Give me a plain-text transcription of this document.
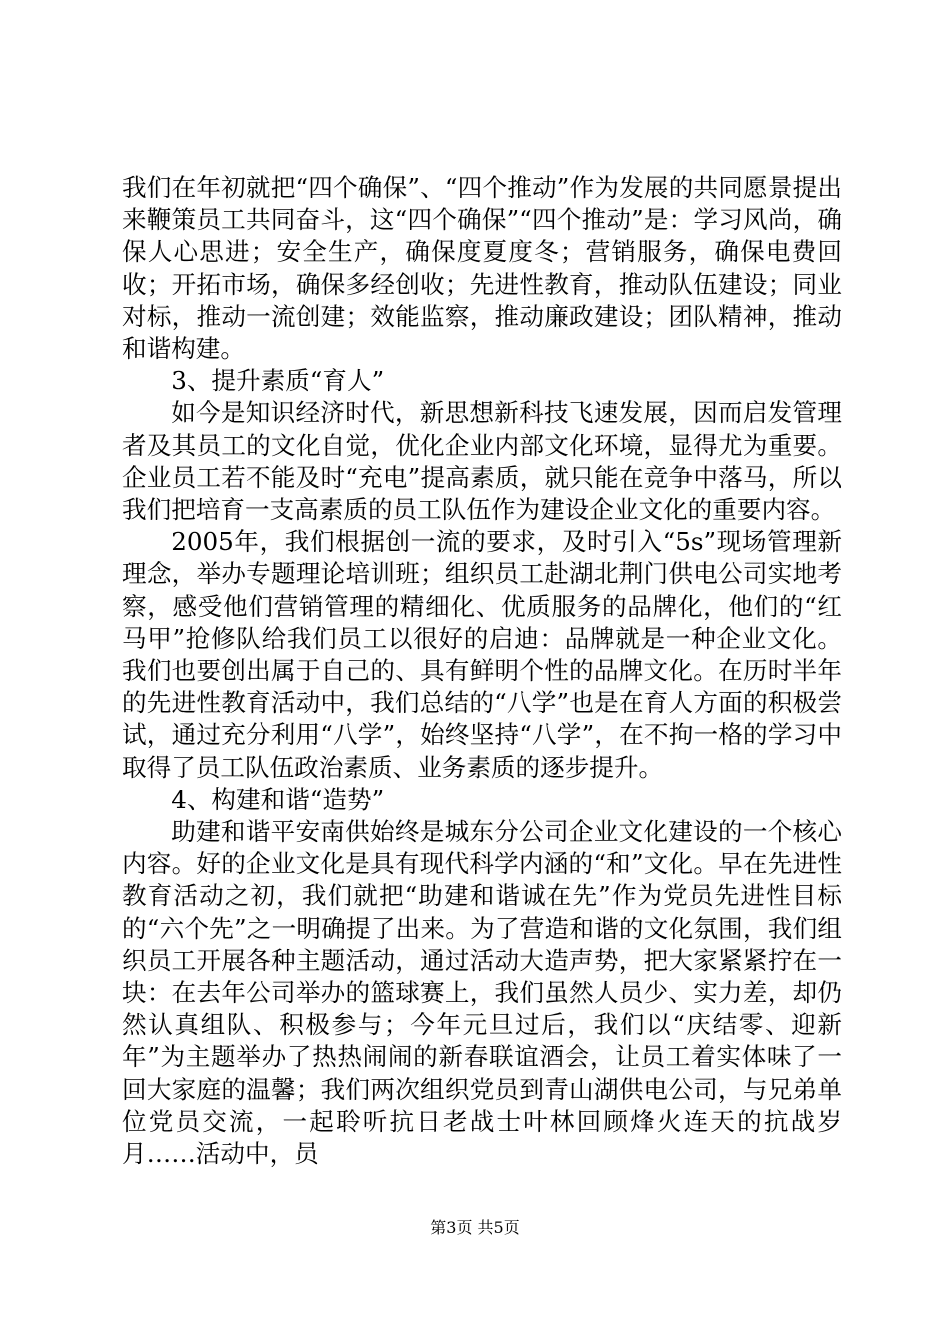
我们在年初就把“四个确保”、“四个推动”作为发展的共同愿景提出来鞭策员工共同奋斗，这“四个确保”“四个推动”是：学习风尚，确保人心思进；安全生产，确保度夏度冬；营销服务，确保电费回收；开拓市场，确保多经创收；先进性教育，推动队伍建设；同业对标，推动一流创建；效能监察，推动廉政建设；团队精神，推动和谐构建。

3、提升素质“育人”

如今是知识经济时代，新思想新科技飞速发展，因而启发管理者及其员工的文化自觉，优化企业内部文化环境，显得尤为重要。企业员工若不能及时“充电”提高素质，就只能在竞争中落马，所以我们把培育一支高素质的员工队伍作为建设企业文化的重要内容。

2005年，我们根据创一流的要求，及时引入“5s”现场管理新理念，举办专题理论培训班；组织员工赴湖北荆门供电公司实地考察，感受他们营销管理的精细化、优质服务的品牌化，他们的“红马甲”抢修队给我们员工以很好的启迪：品牌就是一种企业文化。我们也要创出属于自己的、具有鲜明个性的品牌文化。在历时半年的先进性教育活动中，我们总结的“八学”也是在育人方面的积极尝试，通过充分利用“八学”，始终坚持“八学”，在不拘一格的学习中取得了员工队伍政治素质、业务素质的逐步提升。

4、构建和谐“造势”

助建和谐平安南供始终是城东分公司企业文化建设的一个核心内容。好的企业文化是具有现代科学内涵的“和”文化。早在先进性教育活动之初，我们就把“助建和谐诚在先”作为党员先进性目标的“六个先”之一明确提了出来。为了营造和谐的文化氛围，我们组织员工开展各种主题活动，通过活动大造声势，把大家紧紧拧在一块：在去年公司举办的篮球赛上，我们虽然人员少、实力差，却仍然认真组队、积极参与；今年元旦过后，我们以“庆结零、迎新年”为主题举办了热热闹闹的新春联谊酒会，让员工着实体味了一回大家庭的温馨；我们两次组织党员到青山湖供电公司，与兄弟单位党员交流，一起聆听抗日老战士叶林回顾烽火连天的抗战岁月……活动中，员

第3页 共5页
